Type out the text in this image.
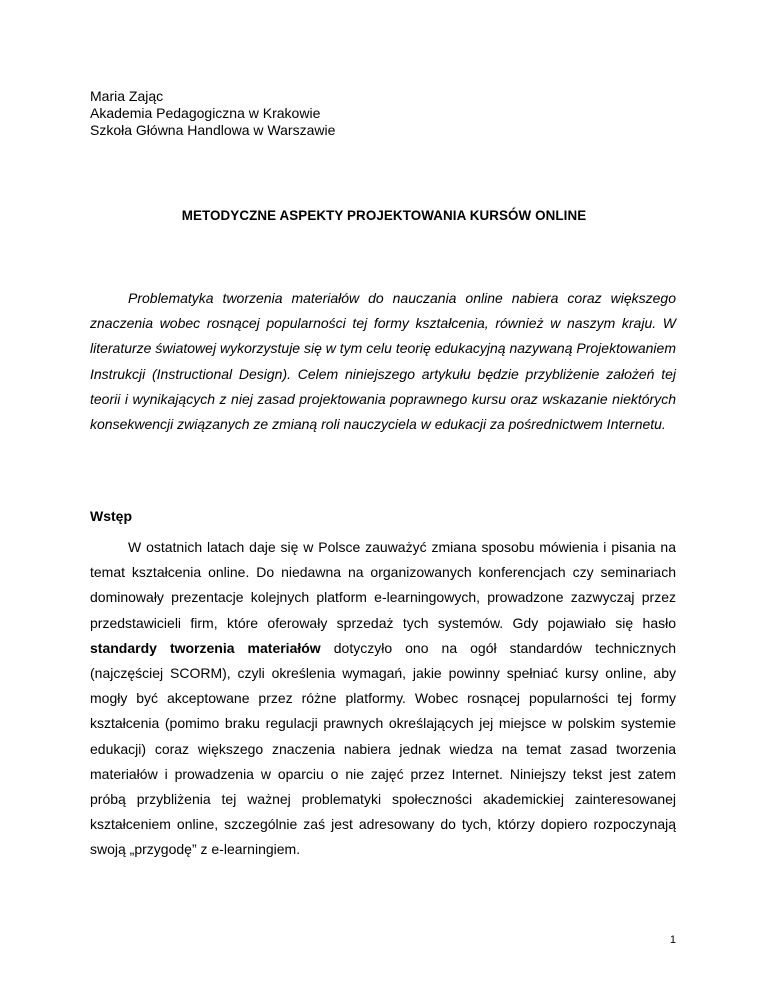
Maria Zając
Akademia Pedagogiczna w Krakowie
Szkoła Główna Handlowa w Warszawie
METODYCZNE ASPEKTY PROJEKTOWANIA KURSÓW ONLINE
Problematyka tworzenia materiałów do nauczania online nabiera coraz większego znaczenia wobec rosnącej popularności tej formy kształcenia, również w naszym kraju. W literaturze światowej wykorzystuje się w tym celu teorię edukacyjną nazywaną Projektowaniem Instrukcji (Instructional Design). Celem niniejszego artykułu będzie przybliżenie założeń tej teorii i wynikających z niej zasad projektowania poprawnego kursu oraz wskazanie niektórych konsekwencji związanych ze zmianą roli nauczyciela w edukacji za pośrednictwem Internetu.
Wstęp
W ostatnich latach daje się w Polsce zauważyć zmiana sposobu mówienia i pisania na temat kształcenia online. Do niedawna na organizowanych konferencjach czy seminariach dominowały prezentacje kolejnych platform e-learningowych, prowadzone zazwyczaj przez przedstawicieli firm, które oferowały sprzedaż tych systemów. Gdy pojawiało się hasło standardy tworzenia materiałów dotyczyło ono na ogół standardów technicznych (najczęściej SCORM), czyli określenia wymagań, jakie powinny spełniać kursy online, aby mogły być akceptowane przez różne platformy. Wobec rosnącej popularności tej formy kształcenia (pomimo braku regulacji prawnych określających jej miejsce w polskim systemie edukacji) coraz większego znaczenia nabiera jednak wiedza na temat zasad tworzenia materiałów i prowadzenia w oparciu o nie zajęć przez Internet. Niniejszy tekst jest zatem próbą przybliżenia tej ważnej problematyki społeczności akademickiej zainteresowanej kształceniem online, szczególnie zaś jest adresowany do tych, którzy dopiero rozpoczynają swoją „przygodę” z e-learningiem.
1
